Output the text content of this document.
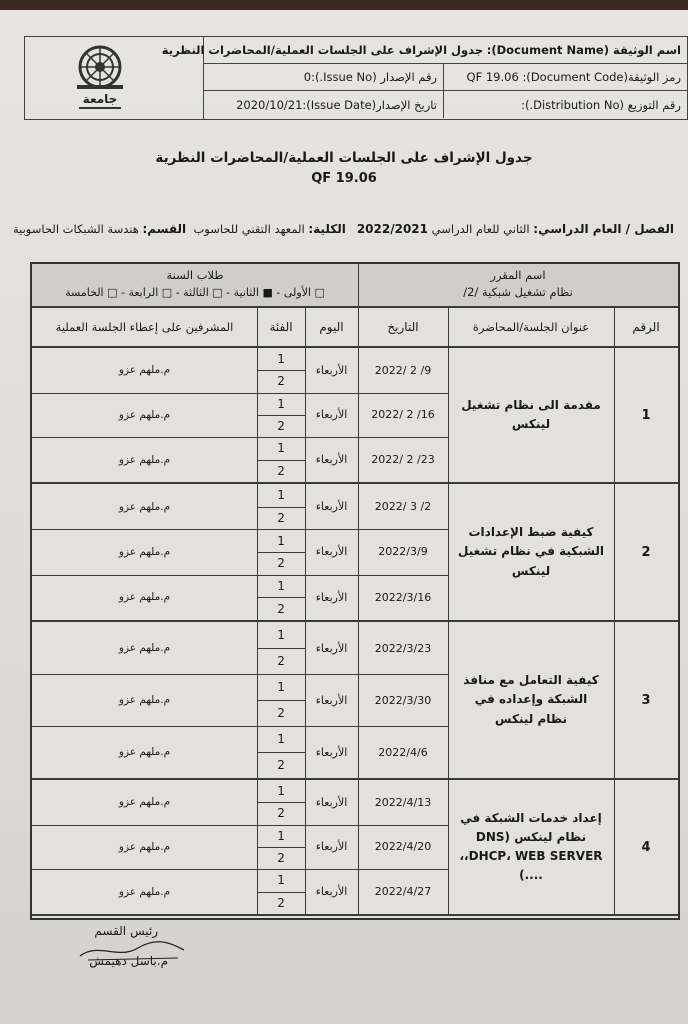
جامعة
اسم الوثيقة (Document Name):

جدول الإشراف على الجلسات العملية/المحاضرات النظرية
رمز الوثيقة(Document Code):

QF 19.06
رقم الإصدار (Issue No.):
0
رقم التوزيع (Distribution No.):
تاريخ الإصدار(Issue Date):
2020/10/21
جدول الإشراف على الجلسات العملية/المحاضرات النظرية
QF 19.06
الفصل / العام الدراسي: الثاني للعام الدراسي 2022/2021   الكلية: المعهد التقني للحاسوب  القسم: هندسة الشبكات الحاسوبية
اسم المقرر
نظام تشغيل شبكية /2/
طلاب السنة
□ الأولى - ■ الثانية - □ الثالثة - □ الرابعة - □ الخامسة
الرقم
عنوان الجلسة/المحاضرة
التاريخ
اليوم
الفئة
المشرفين على إعطاء الجلسة العملية
1
مقدمة الى نظام تشغيل لينكس
2022/ 2 /9
الأربعاء
1
2
م.ملهم عزو
2022/ 2 /16
الأربعاء
1
2
م.ملهم عزو
2022/ 2 /23
الأربعاء
1
2
م.ملهم عزو
2
كيفية ضبط الإعدادات الشبكية في نظام تشغيل لينكس
2022/ 3 /2
الأربعاء
1
2
م.ملهم عزو
2022/3/9
الأربعاء
1
2
م.ملهم عزو
2022/3/16
الأربعاء
1
2
م.ملهم عزو
3
كيفية التعامل مع منافذ الشبكة وإعداده في نظام لينكس
2022/3/23
الأربعاء
1
2
م.ملهم عزو
2022/3/30
الأربعاء
1
2
م.ملهم عزو
2022/4/6
الأربعاء
1
2
م.ملهم عزو
4
إعداد خدمات الشبكة في نظام لينكس (DNS ،DHCP، WEB SERVER، ....)
2022/4/13
الأربعاء
1
2
م.ملهم عزو
2022/4/20
الأربعاء
1
2
م.ملهم عزو
2022/4/27
الأربعاء
1
2
م.ملهم عزو
رئيس القسم
م.باسل دهيمش
